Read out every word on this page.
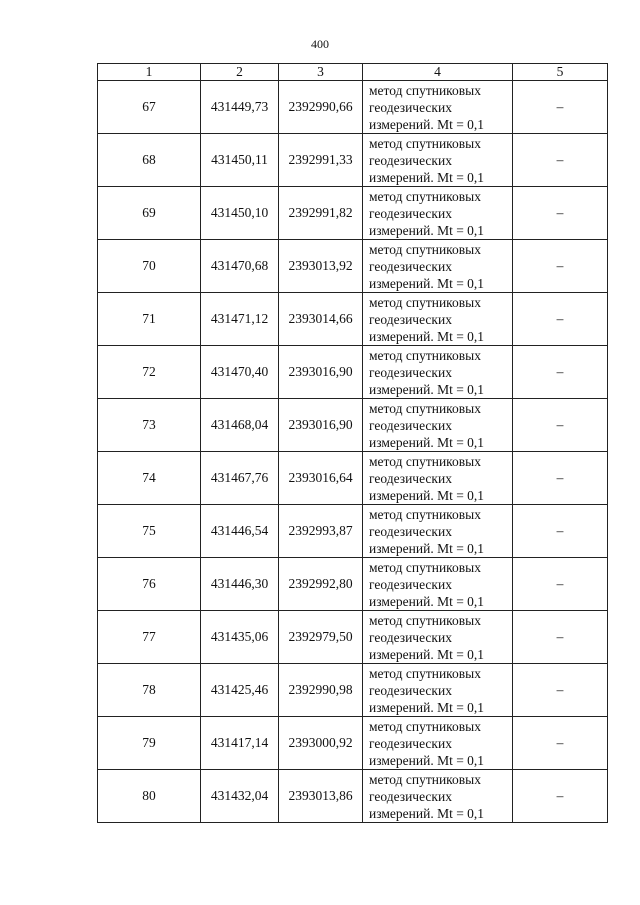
400
1	2	3	4	5
67	431449,73	2392990,66	метод спутниковых геодезических измерений. Mt = 0,1	–
68	431450,11	2392991,33	метод спутниковых геодезических измерений. Mt = 0,1	–
69	431450,10	2392991,82	метод спутниковых геодезических измерений. Mt = 0,1	–
70	431470,68	2393013,92	метод спутниковых геодезических измерений. Mt = 0,1	–
71	431471,12	2393014,66	метод спутниковых геодезических измерений. Mt = 0,1	–
72	431470,40	2393016,90	метод спутниковых геодезических измерений. Mt = 0,1	–
73	431468,04	2393016,90	метод спутниковых геодезических измерений. Mt = 0,1	–
74	431467,76	2393016,64	метод спутниковых геодезических измерений. Mt = 0,1	–
75	431446,54	2392993,87	метод спутниковых геодезических измерений. Mt = 0,1	–
76	431446,30	2392992,80	метод спутниковых геодезических измерений. Mt = 0,1	–
77	431435,06	2392979,50	метод спутниковых геодезических измерений. Mt = 0,1	–
78	431425,46	2392990,98	метод спутниковых геодезических измерений. Mt = 0,1	–
79	431417,14	2393000,92	метод спутниковых геодезических измерений. Mt = 0,1	–
80	431432,04	2393013,86	метод спутниковых геодезических измерений. Mt = 0,1	–
